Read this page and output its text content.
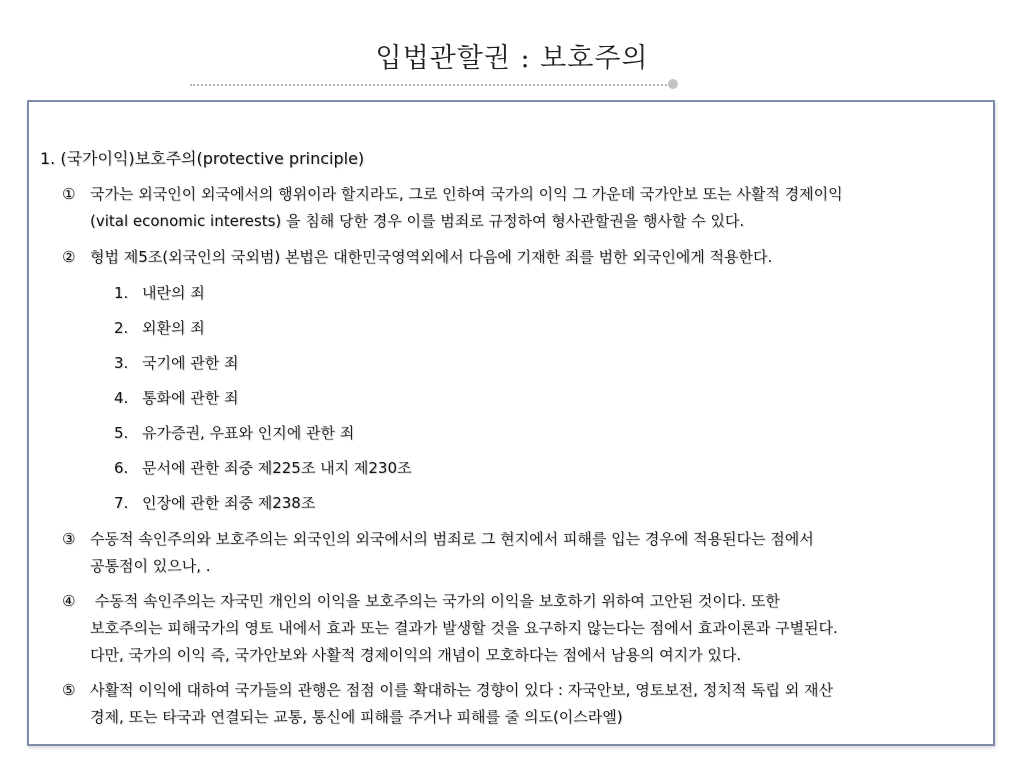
입법관할권 : 보호주의
1. (국가이익)보호주의(protective principle)
① 국가는 외국인이 외국에서의 행위이라 할지라도, 그로 인하여 국가의 이익 그 가운데 국가안보 또는 사활적 경제이익
(vital economic interests) 을 침해 당한 경우 이를 범죄로 규정하여 형사관할권을 행사할 수 있다.
② 형법 제5조(외국인의 국외범) 본법은 대한민국영역외에서 다음에 기재한 죄를 범한 외국인에게 적용한다.
1. 내란의 죄
2. 외환의 죄
3. 국기에 관한 죄
4. 통화에 관한 죄
5. 유가증권, 우표와 인지에 관한 죄
6. 문서에 관한 죄중 제225조 내지 제230조
7. 인장에 관한 죄중 제238조
③ 수동적 속인주의와 보호주의는 외국인의 외국에서의 범죄로 그 현지에서 피해를 입는 경우에 적용된다는 점에서
공통점이 있으나, .
④ 수동적 속인주의는 자국민 개인의 이익을 보호주의는 국가의 이익을 보호하기 위하여 고안된 것이다. 또한
보호주의는 피해국가의 영토 내에서 효과 또는 결과가 발생할 것을 요구하지 않는다는 점에서 효과이론과 구별된다.
다만, 국가의 이익 즉, 국가안보와 사활적 경제이익의 개념이 모호하다는 점에서 남용의 여지가 있다.
⑤ 사활적 이익에 대하여 국가들의 관행은 점점 이를 확대하는 경향이 있다 : 자국안보, 영토보전, 정치적 독립 외 재산
경제, 또는 타국과 연결되는 교통, 통신에 피해를 주거나 피해를 줄 의도(이스라엘)
